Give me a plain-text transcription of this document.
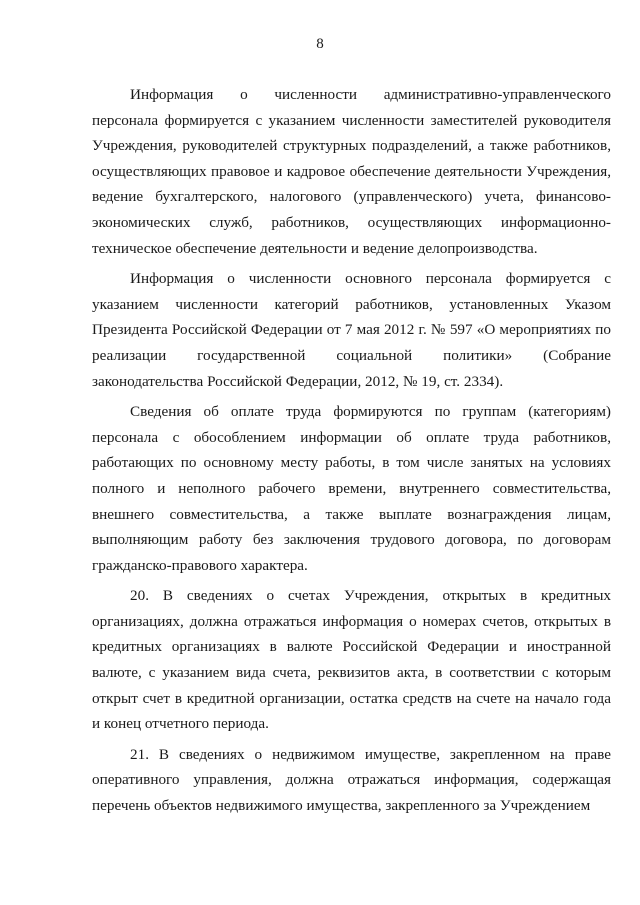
8

Информация о численности административно-управленческого персонала формируется с указанием численности заместителей руководителя Учреждения, руководителей структурных подразделений, а также работников, осуществляющих правовое и кадровое обеспечение деятельности Учреждения, ведение бухгалтерского, налогового (управленческого) учета, финансово-экономических служб, работников, осуществляющих информационно-техническое обеспечение деятельности и ведение делопроизводства.

Информация о численности основного персонала формируется с указанием численности категорий работников, установленных Указом Президента Российской Федерации от 7 мая 2012 г. № 597 «О мероприятиях по реализации государственной социальной политики» (Собрание законодательства Российской Федерации, 2012, № 19, ст. 2334).

Сведения об оплате труда формируются по группам (категориям) персонала с обособлением информации об оплате труда работников, работающих по основному месту работы, в том числе занятых на условиях полного и неполного рабочего времени, внутреннего совместительства, внешнего совместительства, а также выплате вознаграждения лицам, выполняющим работу без заключения трудового договора, по договорам гражданско-правового характера.

20. В сведениях о счетах Учреждения, открытых в кредитных организациях, должна отражаться информация о номерах счетов, открытых в кредитных организациях в валюте Российской Федерации и иностранной валюте, с указанием вида счета, реквизитов акта, в соответствии с которым открыт счет в кредитной организации, остатка средств на счете на начало года и конец отчетного периода.

21. В сведениях о недвижимом имуществе, закрепленном на праве оперативного управления, должна отражаться информация, содержащая перечень объектов недвижимого имущества, закрепленного за Учреждением
